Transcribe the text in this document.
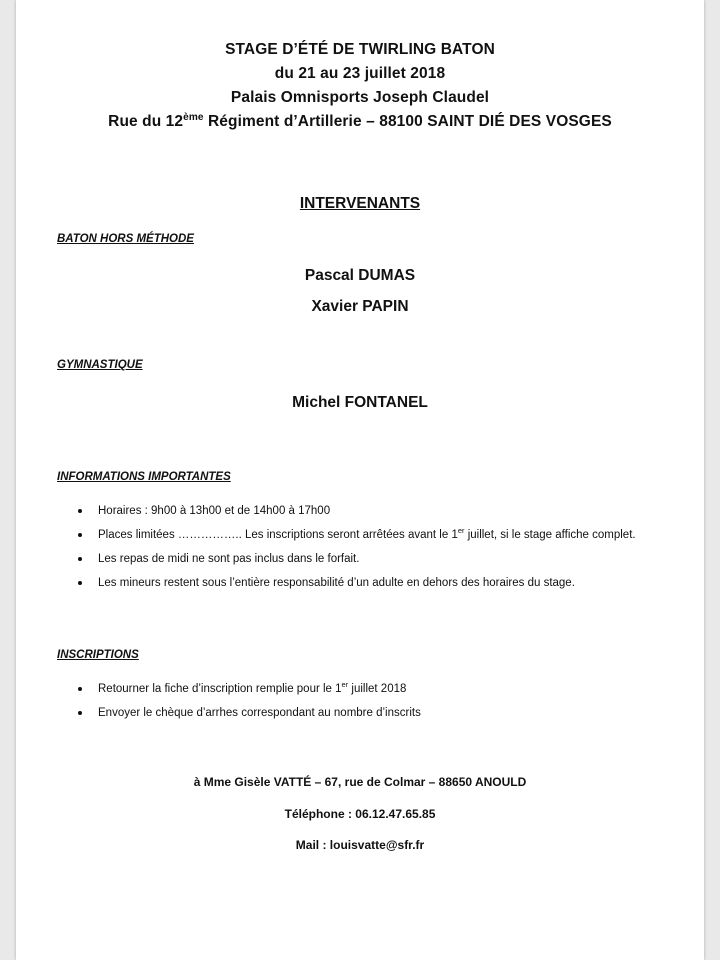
STAGE D’ÉTÉ DE TWIRLING BATON
du 21 au 23 juillet 2018
Palais Omnisports Joseph Claudel
Rue du 12ème Régiment d’Artillerie – 88100 SAINT DIÉ DES VOSGES
INTERVENANTS
BATON HORS MÉTHODE
Pascal DUMAS
Xavier PAPIN
GYMNASTIQUE
Michel FONTANEL
INFORMATIONS IMPORTANTES
Horaires : 9h00 à 13h00 et de 14h00 à 17h00
Places limitées …………….. Les inscriptions seront arrêtées avant le 1er juillet, si le stage affiche complet.
Les repas de midi ne sont pas inclus dans le forfait.
Les mineurs restent sous l’entière responsabilité d’un adulte en dehors des horaires du stage.
INSCRIPTIONS
Retourner la fiche d’inscription remplie pour le 1er juillet 2018
Envoyer le chèque d’arrhes correspondant au nombre d’inscrits
à Mme Gisèle VATTÉ – 67, rue de Colmar – 88650 ANOULD
Téléphone : 06.12.47.65.85
Mail : louisvatte@sfr.fr
